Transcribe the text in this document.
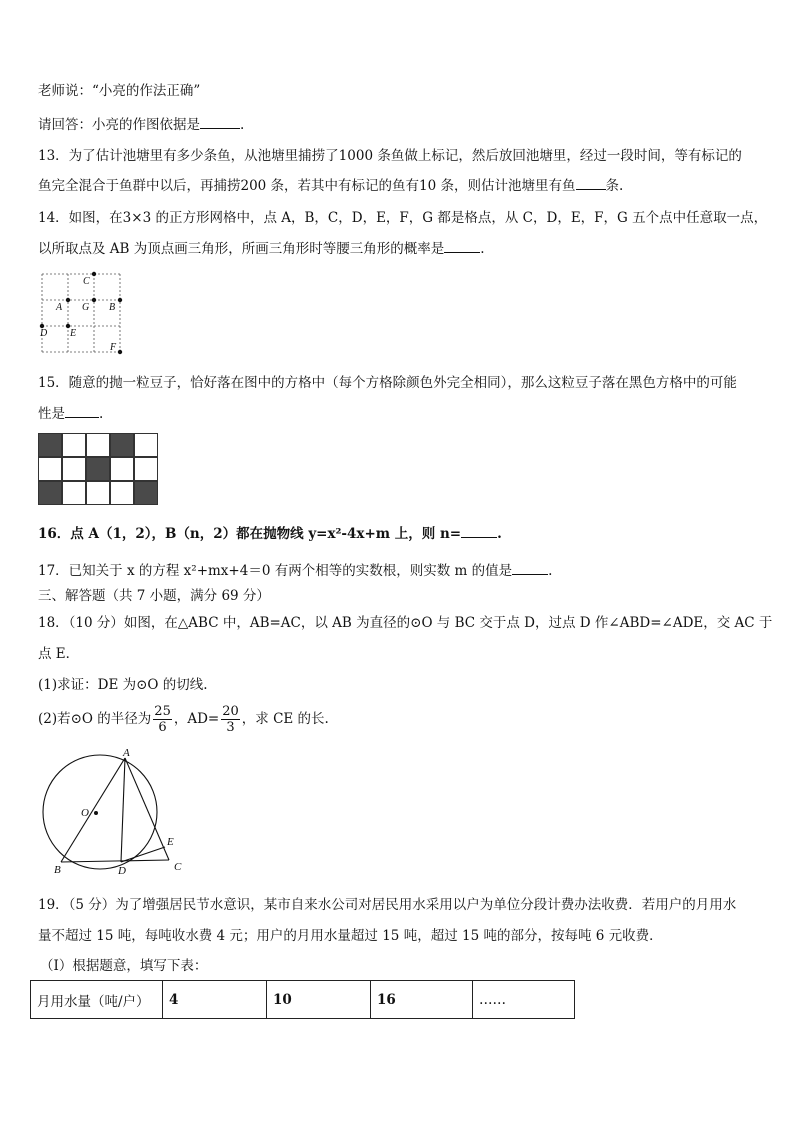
老师说：“小亮的作法正确”
请回答：小亮的作图依据是	.
13．为了估计池塘里有多少条鱼，从池塘里捕捞了1000 条鱼做上标记，然后放回池塘里，经过一段时间，等有标记的
鱼完全混合于鱼群中以后，再捕捞200 条，若其中有标记的鱼有10 条，则估计池塘里有鱼 条.
14．如图，在3×3 的正方形网格中，点 A，B，C，D，E，F，G 都是格点，从 C，D，E，F，G 五个点中任意取一点，
以所取点及 AB 为顶点画三角形，所画三角形时等腰三角形的概率是	.
C
A G B
D E
F
15．随意的抛一粒豆子，恰好落在图中的方格中（每个方格除颜色外完全相同），那么这粒豆子落在黑色方格中的可能
性是	.
16．点 A（1，2），B（n，2）都在抛物线 y=x²-4x+m 上，则 n=	.
17．已知关于 x 的方程 x²+mx+4＝0 有两个相等的实数根，则实数 m 的值是	.
三、解答题（共 7 小题，满分 69 分）
18．（10 分）如图，在△ABC 中，AB=AC，以 AB 为直径的⊙O 与 BC 交于点 D，过点 D 作∠ABD=∠ADE，交 AC 于
点 E．
(1)求证：DE 为⊙O 的切线.
(2)若⊙O 的半径为 $\frac{25}{6}$ ，$AD= \frac{20}{3}$ ，求 CE 的长.
A
O
B	D
E
C
19．（5 分）为了增强居民节水意识，某市自来水公司对居民用水采用以户为单位分段计费办法收费．若用户的月用水
量不超过 15 吨，每吨收水费 4 元；用户的月用水量超过 15 吨，超过 15 吨的部分，按每吨 6 元收费．
（I）根据题意，填写下表：
月用水量（吨/户）	4	10	16	……
